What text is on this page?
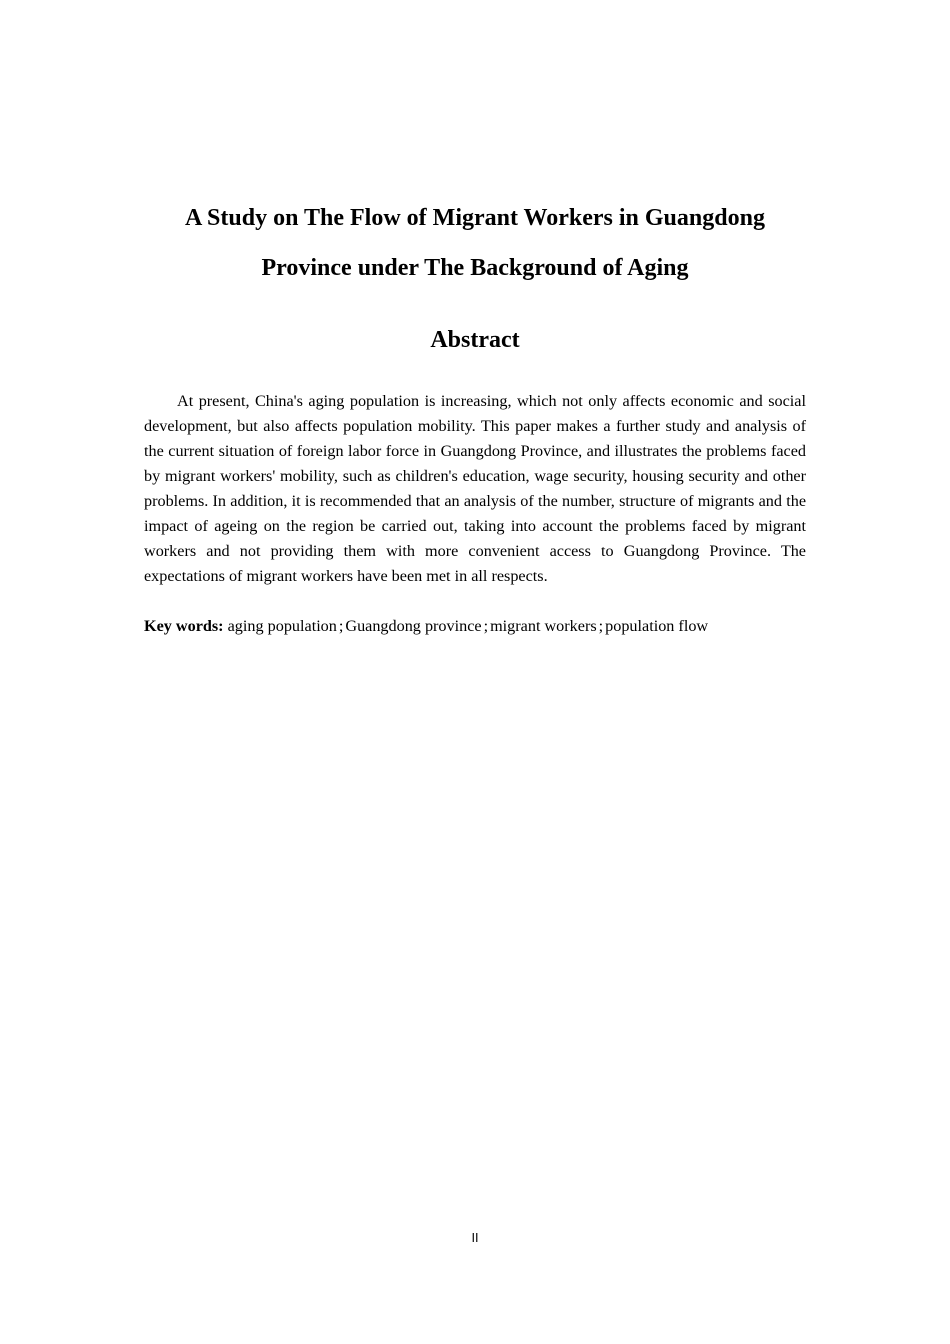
A Study on The Flow of Migrant Workers in Guangdong
Province under The Background of Aging
Abstract

At present, China's aging population is increasing, which not only affects economic and social development, but also affects population mobility. This paper makes a further study and analysis of the current situation of foreign labor force in Guangdong Province, and illustrates the problems faced by migrant workers' mobility, such as children's education, wage security, housing security and other problems. In addition, it is recommended that an analysis of the number, structure of migrants and the impact of ageing on the region be carried out, taking into account the problems faced by migrant workers and not providing them with more convenient access to Guangdong Province. The expectations of migrant workers have been met in all respects.

Key words: aging population ; Guangdong province ; migrant workers ; population flow

II
